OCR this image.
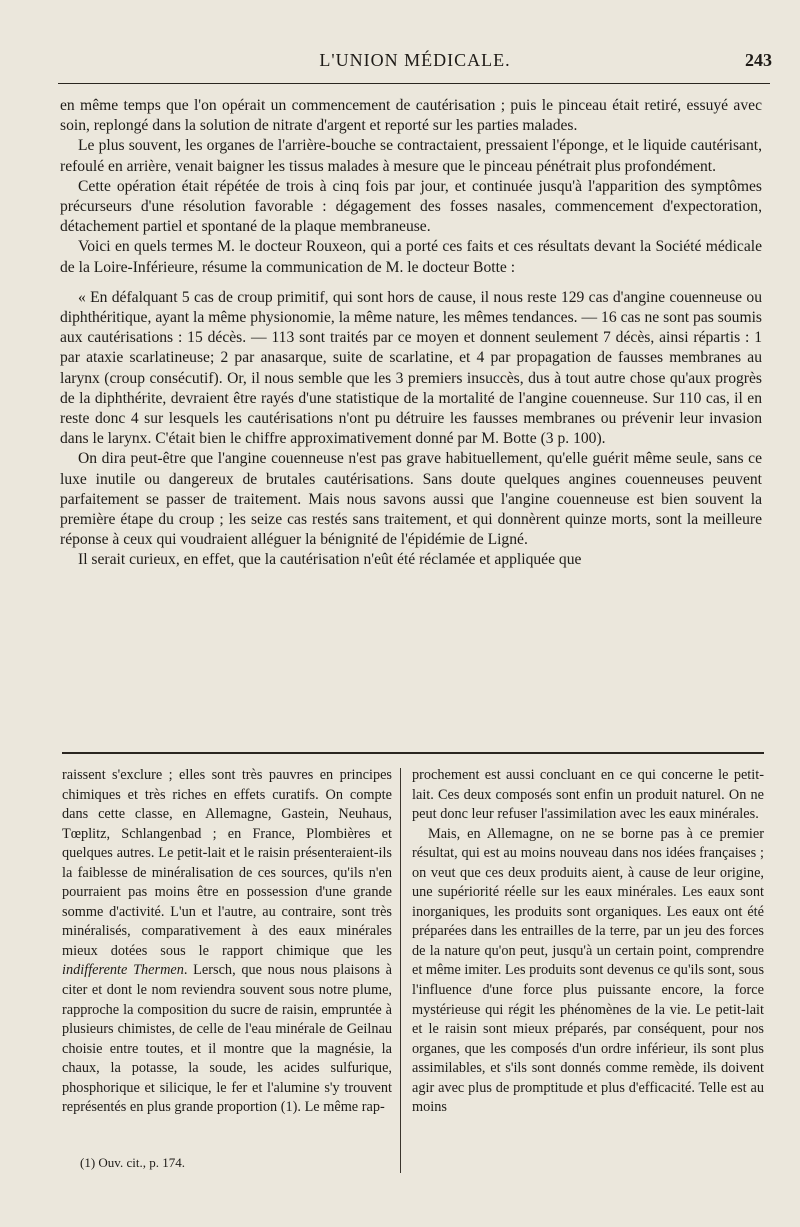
L'UNION MÉDICALE.	243

en même temps que l'on opérait un commencement de cautérisation ; puis le pinceau était retiré, essuyé avec soin, replongé dans la solution de nitrate d'argent et reporté sur les parties malades.

Le plus souvent, les organes de l'arrière-bouche se contractaient, pressaient l'éponge, et le liquide cautérisant, refoulé en arrière, venait baigner les tissus malades à mesure que le pinceau pénétrait plus profondément.

Cette opération était répétée de trois à cinq fois par jour, et continuée jusqu'à l'apparition des symptômes précurseurs d'une résolution favorable : dégagement des fosses nasales, commencement d'expectoration, détachement partiel et spontané de la plaque membraneuse.

Voici en quels termes M. le docteur Rouxeon, qui a porté ces faits et ces résultats devant la Société médicale de la Loire-Inférieure, résume la communication de M. le docteur Botte :

« En défalquant 5 cas de croup primitif, qui sont hors de cause, il nous reste 129 cas d'angine couenneuse ou diphthéritique, ayant la même physionomie, la même nature, les mêmes tendances. — 16 cas ne sont pas soumis aux cautérisations : 15 décès. — 113 sont traités par ce moyen et donnent seulement 7 décès, ainsi répartis : 1 par ataxie scarlatineuse; 2 par anasarque, suite de scarlatine, et 4 par propagation de fausses membranes au larynx (croup consécutif). Or, il nous semble que les 3 premiers insuccès, dus à tout autre chose qu'aux progrès de la diphthérite, devraient être rayés d'une statistique de la mortalité de l'angine couenneuse. Sur 110 cas, il en reste donc 4 sur lesquels les cautérisations n'ont pu détruire les fausses membranes ou prévenir leur invasion dans le larynx. C'était bien le chiffre approximativement donné par M. Botte (3 p. 100).

On dira peut-être que l'angine couenneuse n'est pas grave habituellement, qu'elle guérit même seule, sans ce luxe inutile ou dangereux de brutales cautérisations. Sans doute quelques angines couenneuses peuvent parfaitement se passer de traitement. Mais nous savons aussi que l'angine couenneuse est bien souvent la première étape du croup ; les seize cas restés sans traitement, et qui donnèrent quinze morts, sont la meilleure réponse à ceux qui voudraient alléguer la bénignité de l'épidémie de Ligné.

Il serait curieux, en effet, que la cautérisation n'eût été réclamée et appliquée que

raissent s'exclure ; elles sont très pauvres en principes chimiques et très riches en effets curatifs. On compte dans cette classe, en Allemagne, Gastein, Neuhaus, Tœplitz, Schlangenbad ; en France, Plombières et quelques autres. Le petit-lait et le raisin présenteraient-ils la faiblesse de minéralisation de ces sources, qu'ils n'en pourraient pas moins être en possession d'une grande somme d'activité. L'un et l'autre, au contraire, sont très minéralisés, comparativement à des eaux minérales mieux dotées sous le rapport chimique que les indifferente Thermen. Lersch, que nous nous plaisons à citer et dont le nom reviendra souvent sous notre plume, rapproche la composition du sucre de raisin, empruntée à plusieurs chimistes, de celle de l'eau minérale de Geilnau choisie entre toutes, et il montre que la magnésie, la chaux, la potasse, la soude, les acides sulfurique, phosphorique et silicique, le fer et l'alumine s'y trouvent représentés en plus grande proportion (1). Le même rap-

prochement est aussi concluant en ce qui concerne le petit-lait. Ces deux composés sont enfin un produit naturel. On ne peut donc leur refuser l'assimilation avec les eaux minérales.

Mais, en Allemagne, on ne se borne pas à ce premier résultat, qui est au moins nouveau dans nos idées françaises ; on veut que ces deux produits aient, à cause de leur origine, une supériorité réelle sur les eaux minérales. Les eaux sont inorganiques, les produits sont organiques. Les eaux ont été préparées dans les entrailles de la terre, par un jeu des forces de la nature qu'on peut, jusqu'à un certain point, comprendre et même imiter. Les produits sont devenus ce qu'ils sont, sous l'influence d'une force plus puissante encore, la force mystérieuse qui régit les phénomènes de la vie. Le petit-lait et le raisin sont mieux préparés, par conséquent, pour nos organes, que les composés d'un ordre inférieur, ils sont plus assimilables, et s'ils sont donnés comme remède, ils doivent agir avec plus de promptitude et plus d'efficacité. Telle est au moins

(1) Ouv. cit., p. 174.
